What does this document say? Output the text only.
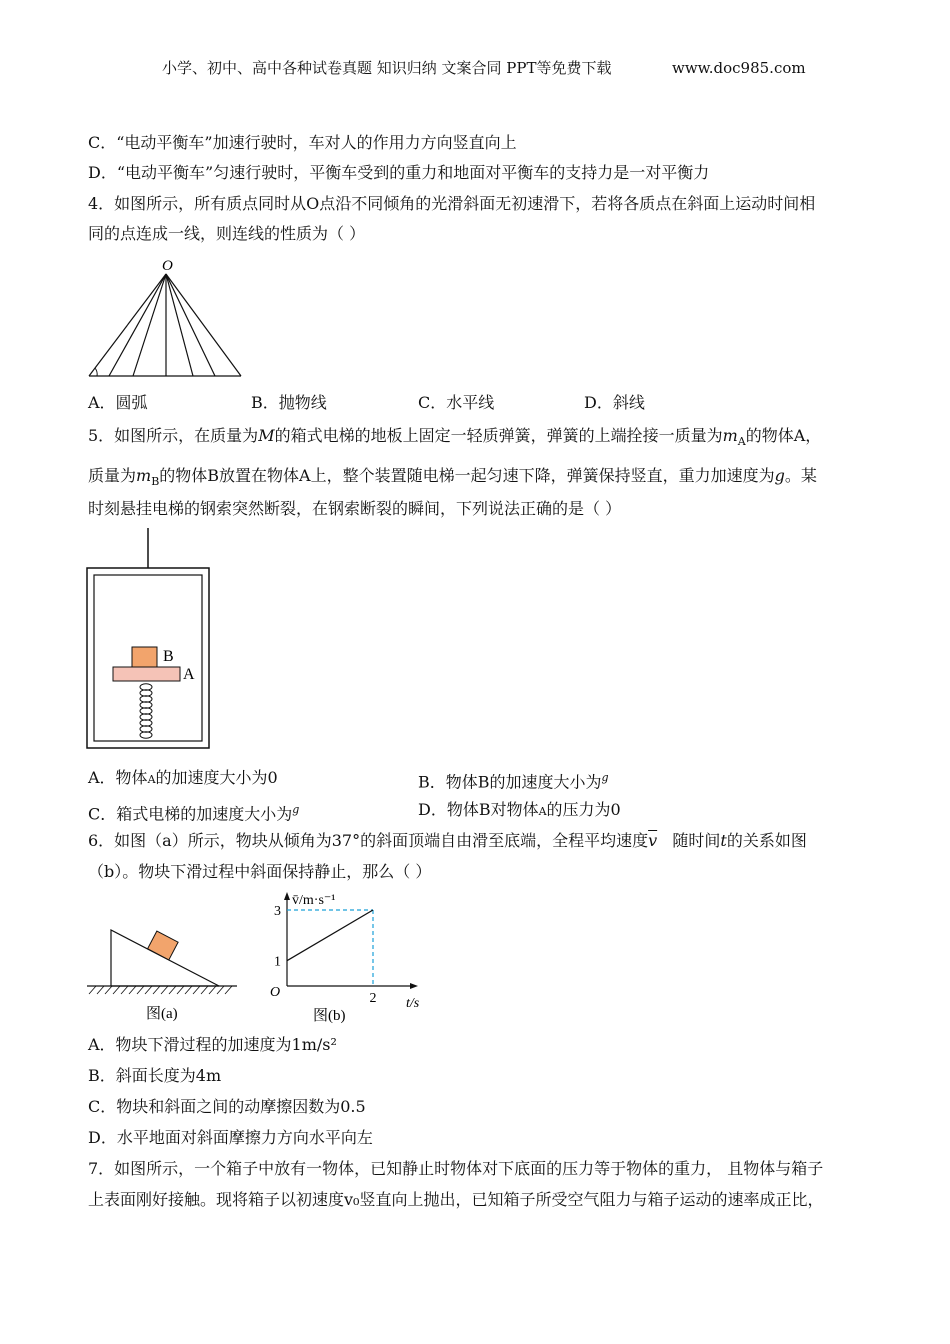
小学、初中、高中各种试卷真题 知识归纳 文案合同 PPT等免费下载	www.doc985.com
C．“电动平衡车”加速行驶时，车对人的作用力方向竖直向上
D．“电动平衡车”匀速行驶时，平衡车受到的重力和地面对平衡车的支持力是一对平衡力
4．如图所示，所有质点同时从O点沿不同倾角的光滑斜面无初速滑下，若将各质点在斜面上运动时间相
同的点连成一线，则连线的性质为（ ）
O
A．圆弧	B．抛物线	C．水平线	D．斜线
5．如图所示，在质量为M的箱式电梯的地板上固定一轻质弹簧，弹簧的上端拴接一质量为$m_A$的物体A，
质量为$m_B$的物体B放置在物体A上，整个装置随电梯一起匀速下降，弹簧保持竖直，重力加速度为g。某
时刻悬挂电梯的钢索突然断裂，在钢索断裂的瞬间，下列说法正确的是（ ）
B
A
A．物体A的加速度大小为0	B．物体B的加速度大小为$^g$
C．箱式电梯的加速度大小为$^g$	D．物体B对物体A的压力为0
6．如图（a）所示，物块从倾角为37°的斜面顶端自由滑至底端，全程平均速度$\overline{v}$ 随时间t的关系如图
（b）。物块下滑过程中斜面保持静止，那么（ ）
图(a)
v̄/m·s⁻¹
t/s
O
1
3
2
图(b)
A．物块下滑过程的加速度为1m/s²
B．斜面长度为4m
C．物块和斜面之间的动摩擦因数为0.5
D．水平地面对斜面摩擦力方向水平向左
7．如图所示，一个箱子中放有一物体，已知静止时物体对下底面的压力等于物体的重力， 且物体与箱子
上表面刚好接触。现将箱子以初速度v₀竖直向上抛出，已知箱子所受空气阻力与箱子运动的速率成正比，
